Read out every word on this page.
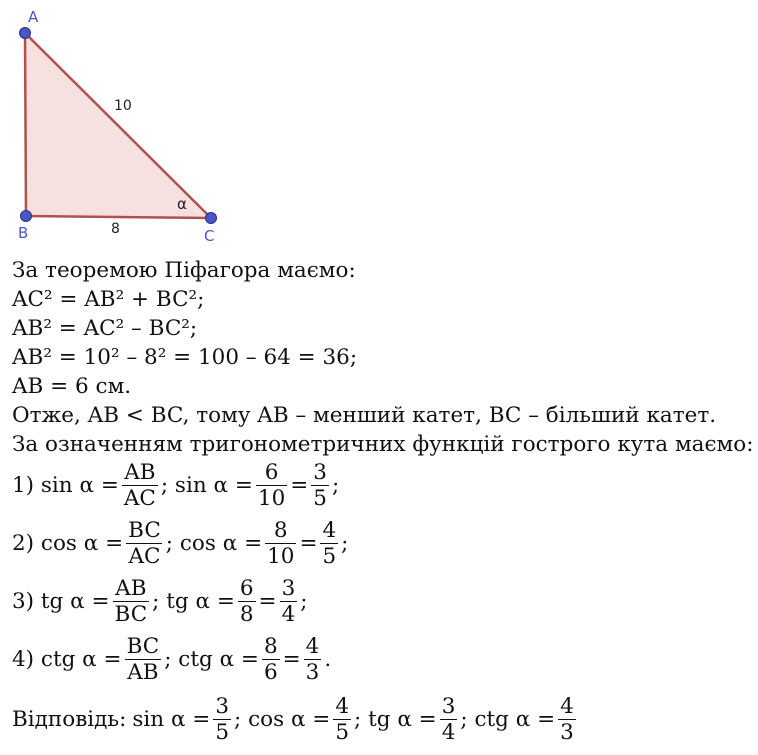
A
B	C
10
8
α
За теоремою Піфагора маємо:
AC² = AB² + BC²;
AB² = AC² – BC²;
AB² = 10² – 8² = 100 – 64 = 36;
AB = 6 см.
Отже, AB < BC, тому AB – менший катет, BC – більший катет.
За означенням тригонометричних функцій гострого кута маємо:
1) $\sin \alpha = \frac{AB}{AC}$ ; $\sin \alpha = \frac{6}{10} = \frac{3}{5}$ ;
2) $\cos \alpha = \frac{BC}{AC}$ ; $\cos \alpha = \frac{8}{10} = \frac{4}{5}$ ;
3) tg $\alpha = \frac{AB}{BC}$ ; tg $\alpha = \frac{6}{8} = \frac{3}{4}$ ;
4) ctg $\alpha = \frac{BC}{AB}$ ; ctg $\alpha = \frac{8}{6} = \frac{4}{3}$ .
Відповідь: $\sin \alpha = \frac{3}{5}$ ; $\cos \alpha = \frac{4}{5}$ ; tg $\alpha = \frac{3}{4}$ ; ctg $\alpha = \frac{4}{3}$
